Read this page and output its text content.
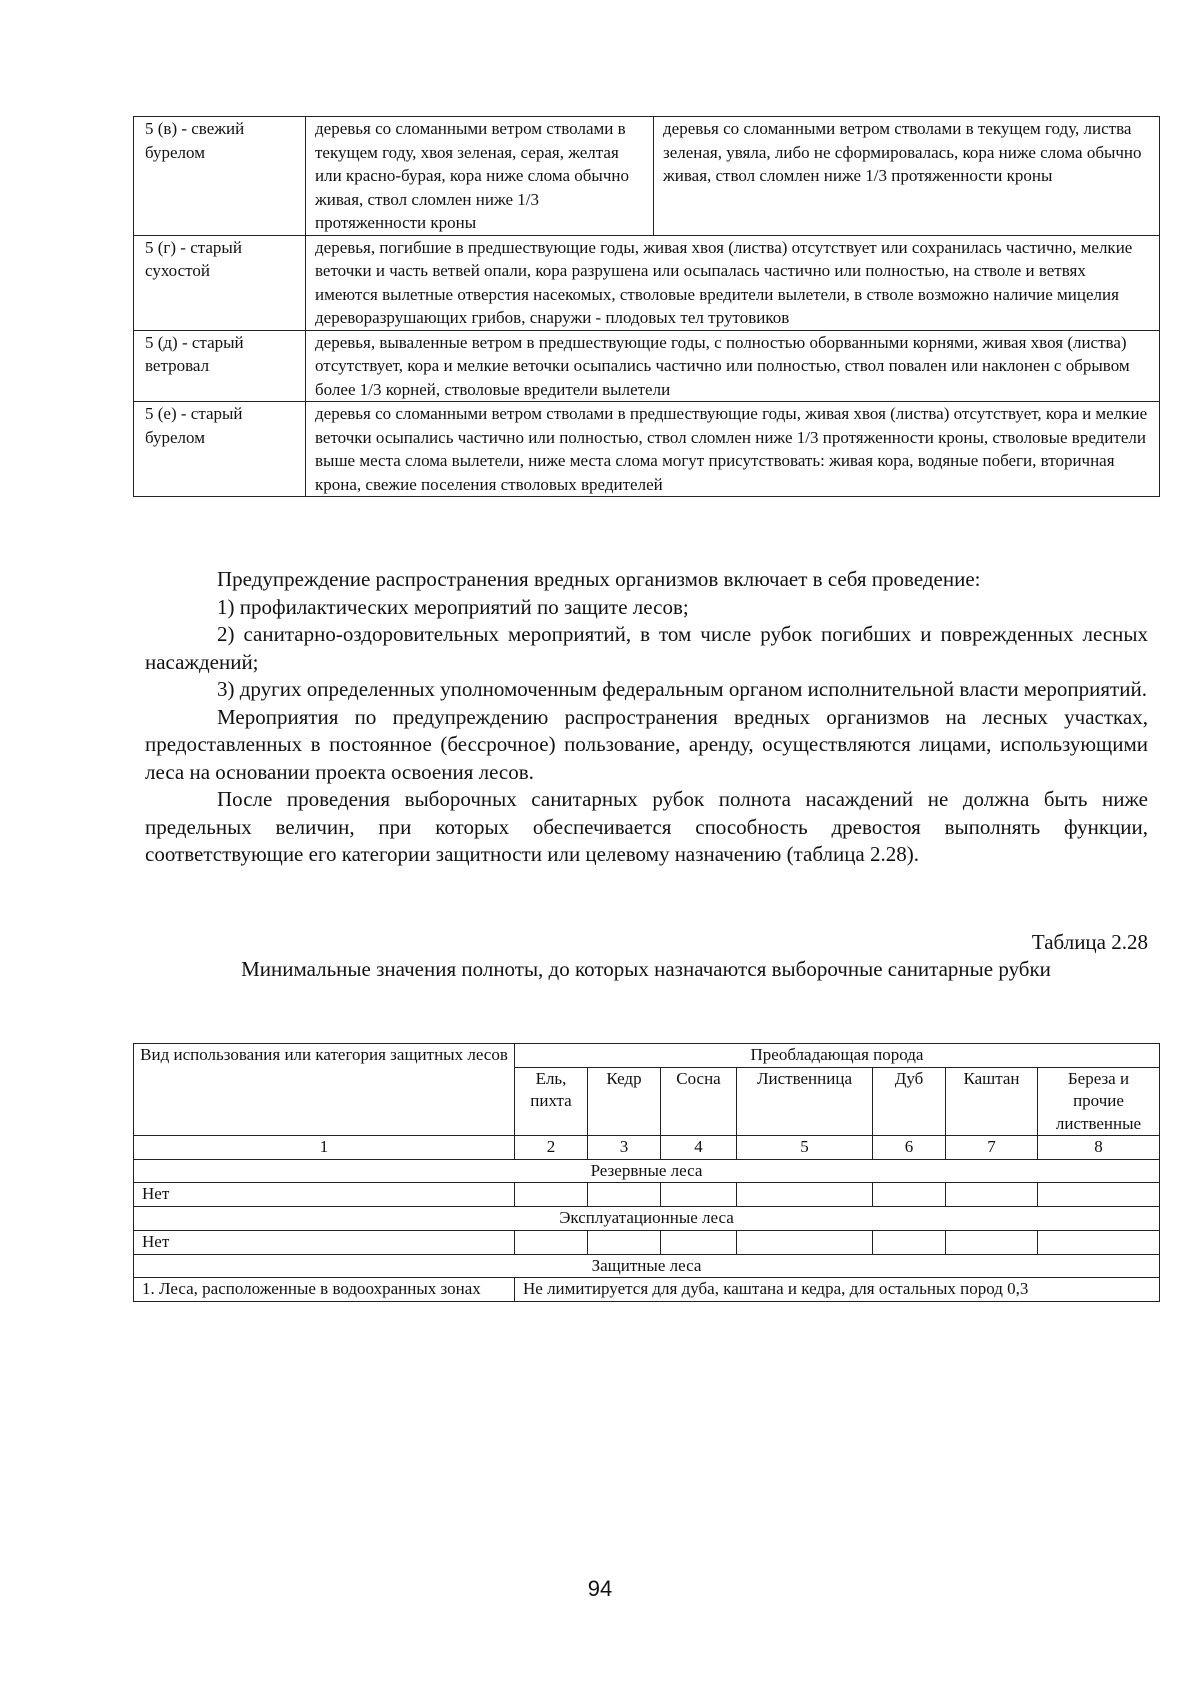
5 (в) - свежий бурелом	деревья со сломанными ветром стволами в текущем году, хвоя зеленая, серая, желтая или красно-бурая, кора ниже слома обычно живая, ствол сломлен ниже 1/3 протяженности кроны	деревья со сломанными ветром стволами в текущем году, листва зеленая, увяла, либо не сформировалась, кора ниже слома обычно живая, ствол сломлен ниже 1/3 протяженности кроны
5 (г) - старый сухостой	деревья, погибшие в предшествующие годы, живая хвоя (листва) отсутствует или сохранилась частично, мелкие веточки и часть ветвей опали, кора разрушена или осыпалась частично или полностью, на стволе и ветвях имеются вылетные отверстия насекомых, стволовые вредители вылетели, в стволе возможно наличие мицелия дереворазрушающих грибов, снаружи - плодовых тел трутовиков	
5 (д) - старый ветровал	деревья, вываленные ветром в предшествующие годы, с полностью оборванными корнями, живая хвоя (листва) отсутствует, кора и мелкие веточки осыпались частично или полностью, ствол повален или наклонен с обрывом более 1/3 корней, стволовые вредители вылетели	
5 (е) - старый бурелом	деревья со сломанными ветром стволами в предшествующие годы, живая хвоя (листва) отсутствует, кора и мелкие веточки осыпались частично или полностью, ствол сломлен ниже 1/3 протяженности кроны, стволовые вредители выше места слома вылетели, ниже места слома могут присутствовать: живая кора, водяные побеги, вторичная крона, свежие поселения стволовых вредителей	

Предупреждение распространения вредных организмов включает в себя проведение:

1) профилактических мероприятий по защите лесов;

2) санитарно-оздоровительных мероприятий, в том числе рубок погибших и поврежденных лесных насаждений;

3) других определенных уполномоченным федеральным органом исполнительной власти мероприятий.

Мероприятия по предупреждению распространения вредных организмов на лесных участках, предоставленных в постоянное (бессрочное) пользование, аренду, осуществляются лицами, использующими леса на основании проекта освоения лесов.

После проведения выборочных санитарных рубок полнота насаждений не должна быть ниже предельных величин, при которых обеспечивается способность древостоя выполнять функции, соответствующие его категории защитности или целевому назначению (таблица 2.28).

Таблица 2.28
Минимальные значения полноты, до которых назначаются выборочные санитарные рубки
Вид использования или категория защитных лесов	Преобладающая порода						
	Ель, пихта	Кедр	Сосна	Лиственница	Дуб	Каштан	Береза и прочие лиственные
1	2	3	4	5	6	7	8
Резервные леса							
Нет							
Эксплуатационные леса							
Нет							
Защитные леса							
1. Леса, расположенные в водоохранных зонах	Не лимитируется для дуба, каштана и кедра, для остальных пород 0,3						
94
